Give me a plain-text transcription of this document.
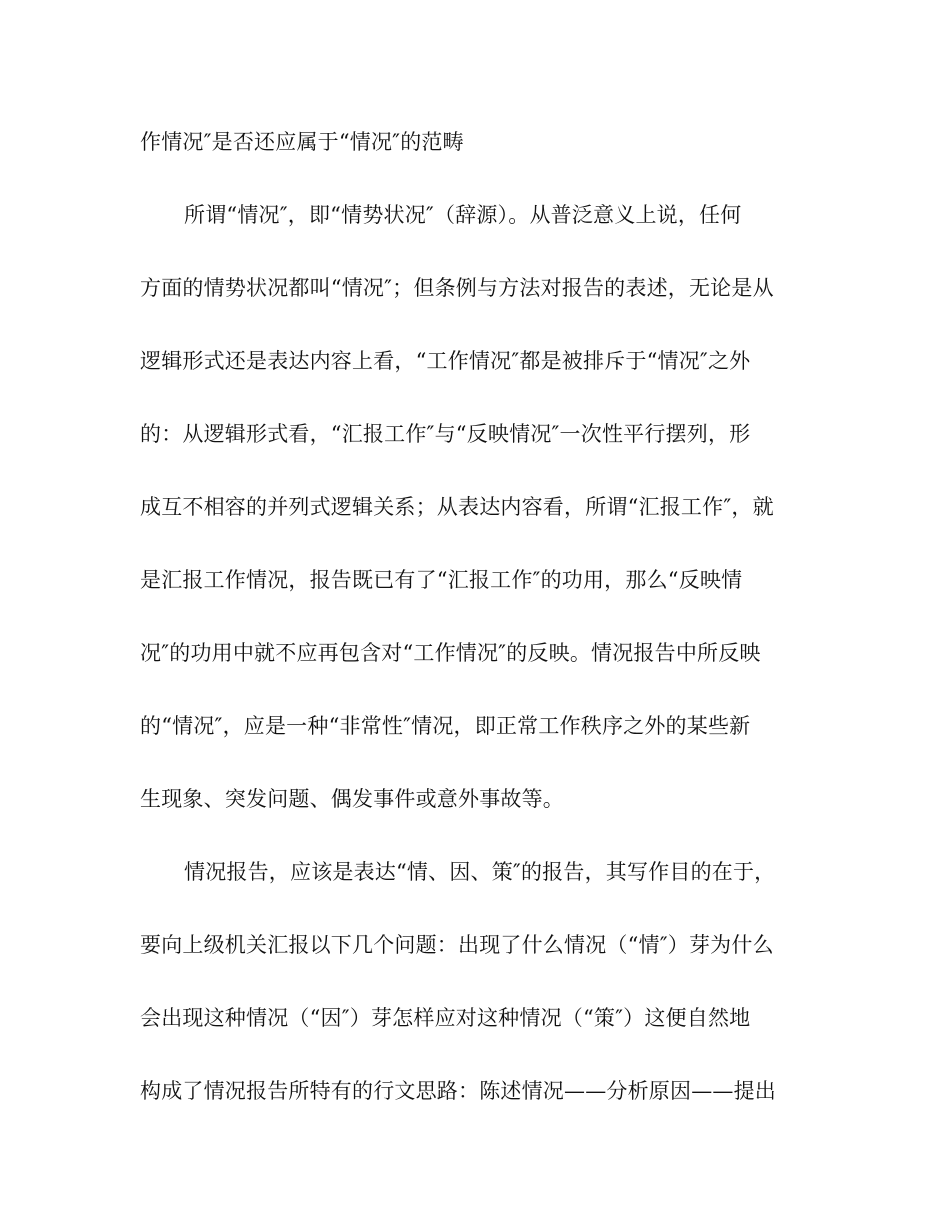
作情况″是否还应属于“情况″的范畴
所谓“情况″，即“情势状况″（辞源）。从普泛意义上说，任何
方面的情势状况都叫“情况″；但条例与方法对报告的表述，无论是从
逻辑形式还是表达内容上看，“工作情况″都是被排斥于“情况″之外
的：从逻辑形式看，“汇报工作″与“反映情况″一次性平行摆列，形
成互不相容的并列式逻辑关系；从表达内容看，所谓“汇报工作″，就
是汇报工作情况，报告既已有了“汇报工作″的功用，那么“反映情
况″的功用中就不应再包含对“工作情况″的反映。情况报告中所反映
的“情况″，应是一种“非常性″情况，即正常工作秩序之外的某些新
生现象、突发问题、偶发事件或意外事故等。
情况报告，应该是表达“情、因、策″的报告，其写作目的在于，
要向上级机关汇报以下几个问题：出现了什么情况（“情″）芽为什么
会出现这种情况（“因″）芽怎样应对这种情况（“策″）这便自然地
构成了情况报告所特有的行文思路：陈述情况——分析原因——提出
